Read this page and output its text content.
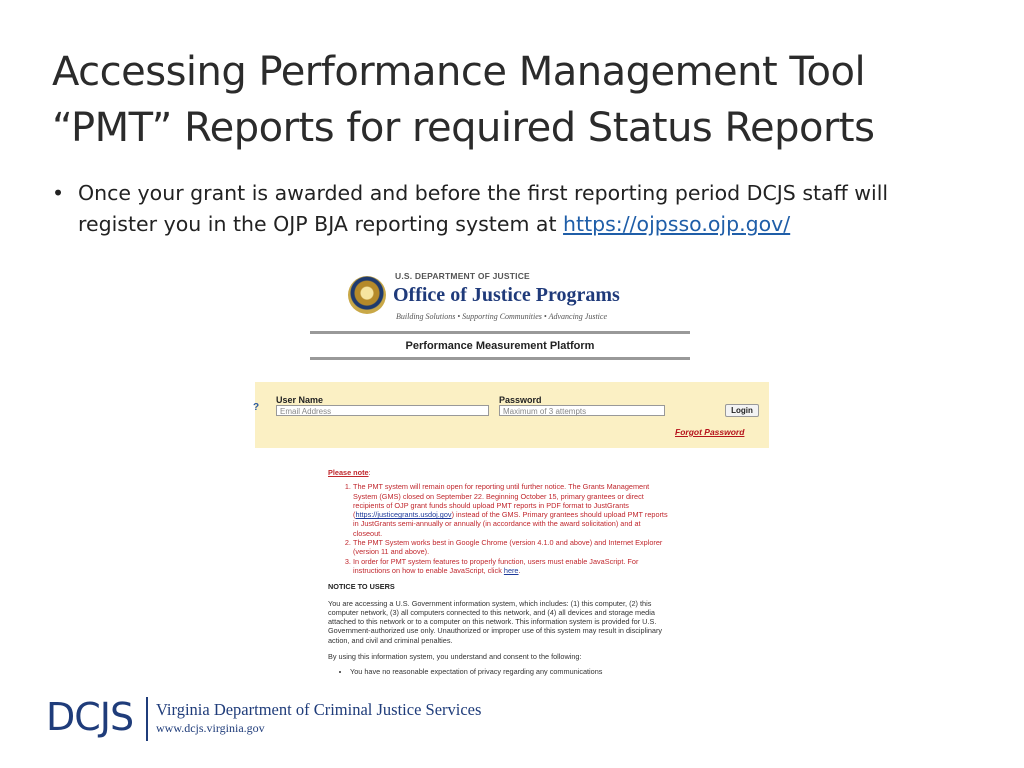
Accessing Performance Management Tool
“PMT” Reports for required Status Reports
• Once your grant is awarded and before the first reporting period DCJS staff will register you in the OJP BJA reporting system at https://ojpsso.ojp.gov/
U.S. DEPARTMENT OF JUSTICE
Office of Justice Programs
Building Solutions • Supporting Communities • Advancing Justice
Performance Measurement Platform
?
User Name
Email Address
Password
Maximum of 3 attempts	Login
Forgot Password
Please note:
1. The PMT system will remain open for reporting until further notice. The Grants Management System (GMS) closed on September 22. Beginning October 15, primary grantees or direct recipients of OJP grant funds should upload PMT reports in PDF format to JustGrants (https://justicegrants.usdoj.gov) instead of the GMS. Primary grantees should upload PMT reports in JustGrants semi-annually or annually (in accordance with the award solicitation) and at closeout.
2. The PMT System works best in Google Chrome (version 4.1.0 and above) and Internet Explorer (version 11 and above).
3. In order for PMT system features to properly function, users must enable JavaScript. For instructions on how to enable JavaScript, click here.
NOTICE TO USERS

You are accessing a U.S. Government information system, which includes: (1) this computer, (2) this computer network, (3) all computers connected to this network, and (4) all devices and storage media attached to this network or to a computer on this network. This information system is provided for U.S. Government-authorized use only. Unauthorized or improper use of this system may result in disciplinary action, and civil and criminal penalties.

By using this information system, you understand and consent to the following:

• You have no reasonable expectation of privacy regarding any communications
DCJS Virginia Department of Criminal Justice Services
www.dcjs.virginia.gov
